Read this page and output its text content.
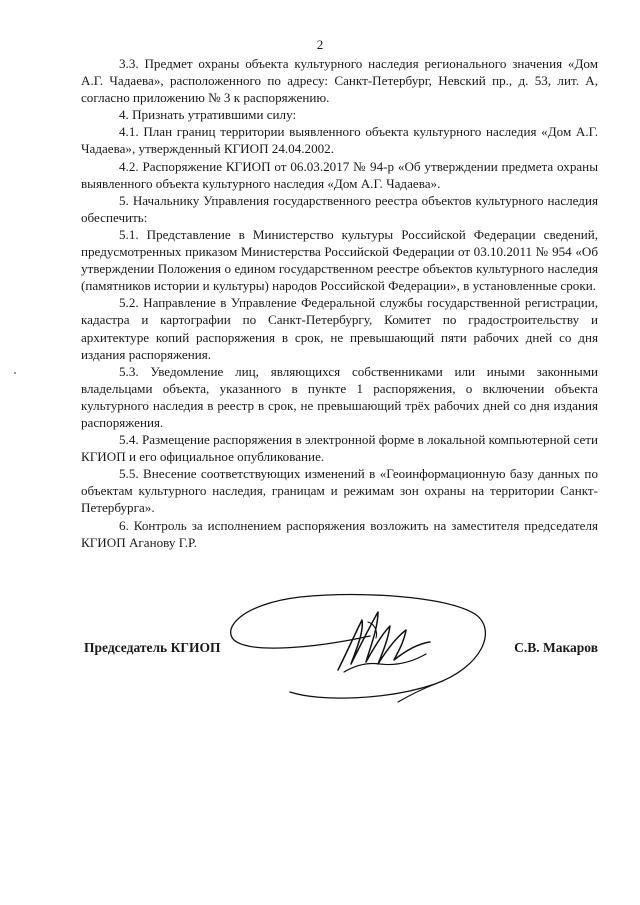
2

3.3. Предмет охраны объекта культурного наследия регионального значения «Дом А.Г. Чадаева», расположенного по адресу: Санкт-Петербург, Невский пр., д. 53, лит. А, согласно приложению № 3 к распоряжению.

4. Признать утратившими силу:

4.1. План границ территории выявленного объекта культурного наследия «Дом А.Г. Чадаева», утвержденный КГИОП 24.04.2002.

4.2. Распоряжение КГИОП от 06.03.2017 № 94-р «Об утверждении предмета охраны выявленного объекта культурного наследия «Дом А.Г. Чадаева».

5. Начальнику Управления государственного реестра объектов культурного наследия обеспечить:

5.1. Представление в Министерство культуры Российской Федерации сведений, предусмотренных приказом Министерства Российской Федерации от 03.10.2011 № 954 «Об утверждении Положения о едином государственном реестре объектов культурного наследия (памятников истории и культуры) народов Российской Федерации», в установленные сроки.

5.2. Направление в Управление Федеральной службы государственной регистрации, кадастра и картографии по Санкт-Петербургу, Комитет по градостроительству и архитектуре копий распоряжения в срок, не превышающий пяти рабочих дней со дня издания распоряжения.

5.3. Уведомление лиц, являющихся собственниками или иными законными владельцами объекта, указанного в пункте 1 распоряжения, о включении объекта культурного наследия в реестр в срок, не превышающий трёх рабочих дней со дня издания распоряжения.

5.4. Размещение распоряжения в электронной форме в локальной компьютерной сети КГИОП и его официальное опубликование.

5.5. Внесение соответствующих изменений в «Геоинформационную базу данных по объектам культурного наследия, границам и режимам зон охраны на территории Санкт-Петербурга».

6. Контроль за исполнением распоряжения возложить на заместителя председателя КГИОП Аганову Г.Р.

Председатель КГИОП	С.В. Макаров
